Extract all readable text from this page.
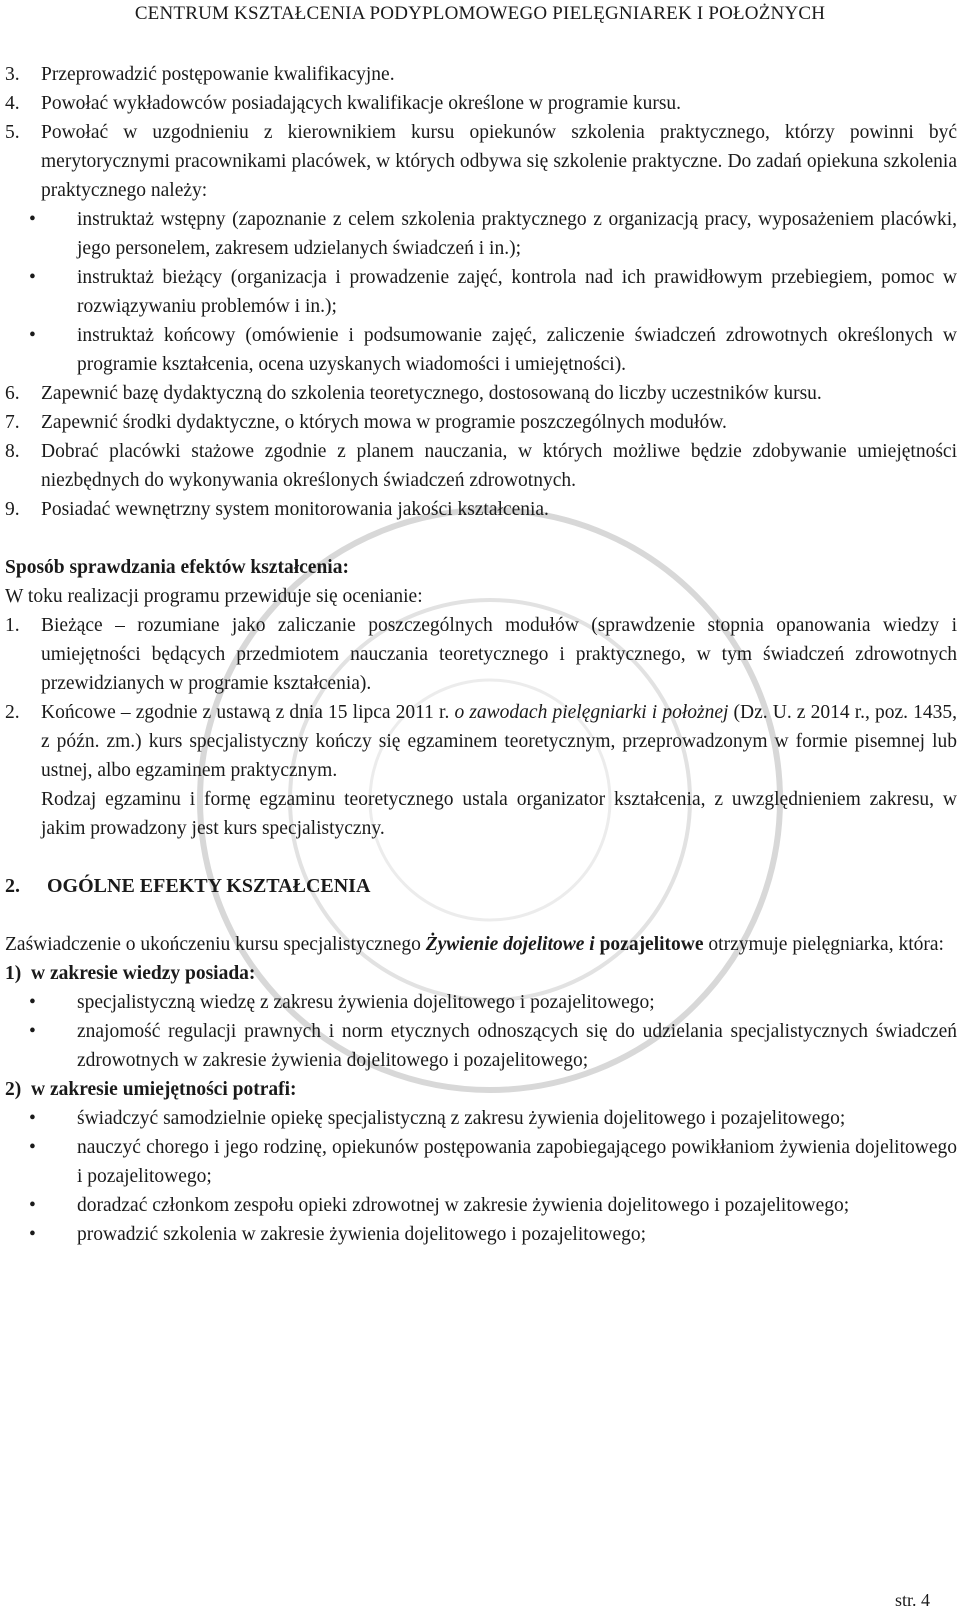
CENTRUM KSZTAŁCENIA PODYPLOMOWEGO PIELĘGNIAREK I POŁOŻNYCH
3. Przeprowadzić postępowanie kwalifikacyjne.
4. Powołać wykładowców posiadających kwalifikacje określone w programie kursu.
5. Powołać w uzgodnieniu z kierownikiem kursu opiekunów szkolenia praktycznego, którzy powinni być merytorycznymi pracownikami placówek, w których odbywa się szkolenie praktyczne. Do zadań opiekuna szkolenia praktycznego należy:
• instruktaż wstępny (zapoznanie z celem szkolenia praktycznego z organizacją pracy, wyposażeniem placówki, jego personelem, zakresem udzielanych świadczeń i in.);
• instruktaż bieżący (organizacja i prowadzenie zajęć, kontrola nad ich prawidłowym przebiegiem, pomoc w rozwiązywaniu problemów i in.);
• instruktaż końcowy (omówienie i podsumowanie zajęć, zaliczenie świadczeń zdrowotnych określonych w programie kształcenia, ocena uzyskanych wiadomości i umiejętności).
6. Zapewnić bazę dydaktyczną do szkolenia teoretycznego, dostosowaną do liczby uczestników kursu.
7. Zapewnić środki dydaktyczne, o których mowa w programie poszczególnych modułów.
8. Dobrać placówki stażowe zgodnie z planem nauczania, w których możliwe będzie zdobywanie umiejętności niezbędnych do wykonywania określonych świadczeń zdrowotnych.
9. Posiadać wewnętrzny system monitorowania jakości kształcenia.
Sposób sprawdzania efektów kształcenia:
W toku realizacji programu przewiduje się ocenianie:
1. Bieżące – rozumiane jako zaliczanie poszczególnych modułów (sprawdzenie stopnia opanowania wiedzy i umiejętności będących przedmiotem nauczania teoretycznego i praktycznego, w tym świadczeń zdrowotnych przewidzianych w programie kształcenia).
2. Końcowe – zgodnie z ustawą z dnia 15 lipca 2011 r. o zawodach pielęgniarki i położnej (Dz. U. z 2014 r., poz. 1435, z późn. zm.) kurs specjalistyczny kończy się egzaminem teoretycznym, przeprowadzonym w formie pisemnej lub ustnej, albo egzaminem praktycznym.
Rodzaj egzaminu i formę egzaminu teoretycznego ustala organizator kształcenia, z uwzględnieniem zakresu, w jakim prowadzony jest kurs specjalistyczny.
2. OGÓLNE EFEKTY KSZTAŁCENIA
Zaświadczenie o ukończeniu kursu specjalistycznego Żywienie dojelitowe i pozajelitowe otrzymuje pielęgniarka, która:
1)  w zakresie wiedzy posiada:
• specjalistyczną wiedzę z zakresu żywienia dojelitowego i pozajelitowego;
• znajomość regulacji prawnych i norm etycznych odnoszących się do udzielania specjalistycznych świadczeń zdrowotnych w zakresie żywienia dojelitowego i pozajelitowego;
2)  w zakresie umiejętności potrafi:
• świadczyć samodzielnie opiekę specjalistyczną z zakresu żywienia dojelitowego i pozajelitowego;
• nauczyć chorego i jego rodzinę, opiekunów postępowania zapobiegającego powikłaniom żywienia dojelitowego i pozajelitowego;
• doradzać członkom zespołu opieki zdrowotnej w zakresie żywienia dojelitowego i pozajelitowego;
• prowadzić szkolenia w zakresie żywienia dojelitowego i pozajelitowego;
str. 4
